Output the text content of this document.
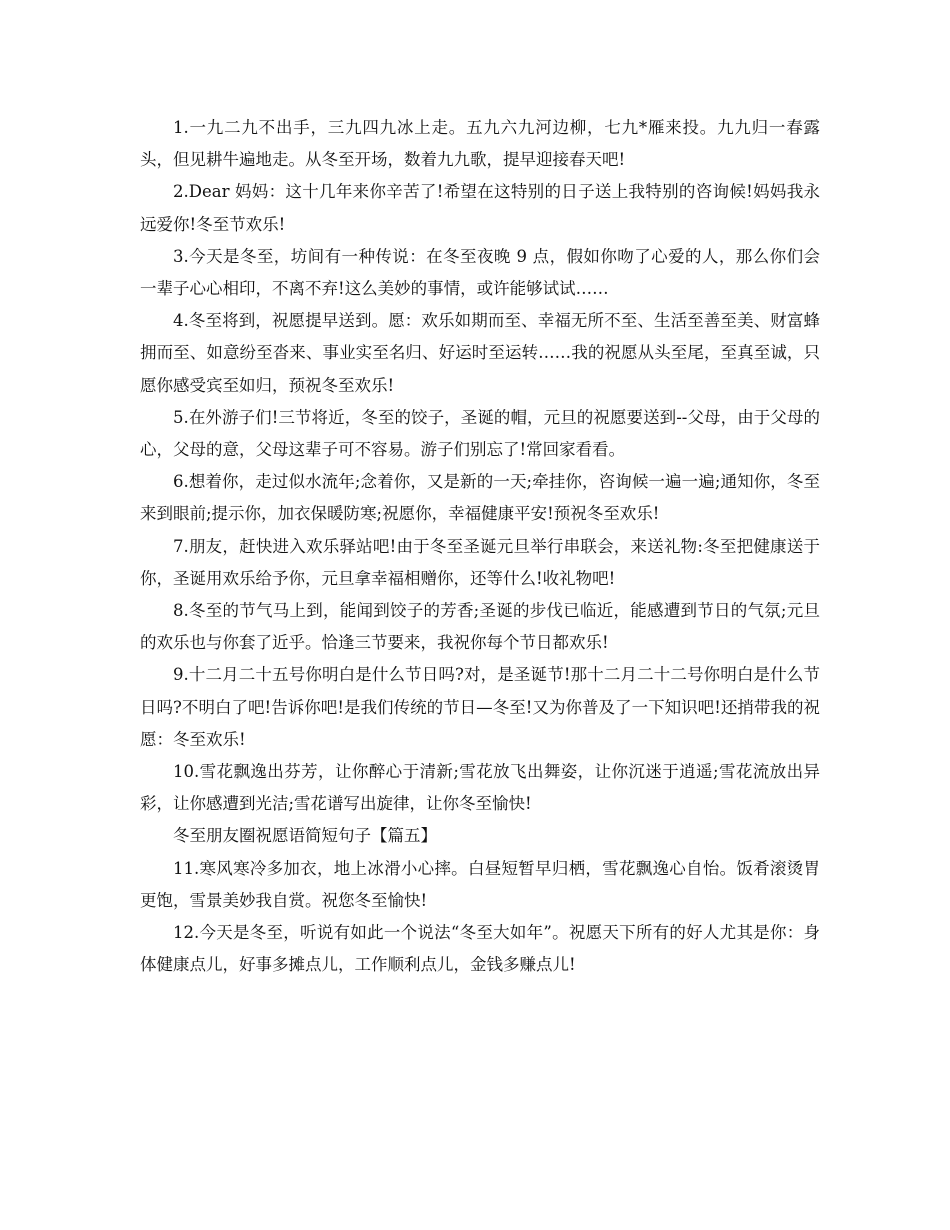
1.一九二九不出手，三九四九冰上走。五九六九河边柳，七九*雁来投。九九归一春露头，但见耕牛遍地走。从冬至开场，数着九九歌，提早迎接春天吧!

2.Dear 妈妈：这十几年来你辛苦了!希望在这特别的日子送上我特别的咨询候!妈妈我永远爱你!冬至节欢乐!

3.今天是冬至，坊间有一种传说：在冬至夜晚 9 点，假如你吻了心爱的人，那么你们会一辈子心心相印，不离不弃!这么美妙的事情，或许能够试试……

4.冬至将到，祝愿提早送到。愿：欢乐如期而至、幸福无所不至、生活至善至美、财富蜂拥而至、如意纷至沓来、事业实至名归、好运时至运转……我的祝愿从头至尾，至真至诚，只愿你感受宾至如归，预祝冬至欢乐!

5.在外游子们!三节将近，冬至的饺子，圣诞的帽，元旦的祝愿要送到--父母，由于父母的心，父母的意，父母这辈子可不容易。游子们别忘了!常回家看看。

6.想着你，走过似水流年;念着你，又是新的一天;牵挂你，咨询候一遍一遍;通知你，冬至来到眼前;提示你，加衣保暖防寒;祝愿你，幸福健康平安!预祝冬至欢乐!

7.朋友，赶快进入欢乐驿站吧!由于冬至圣诞元旦举行串联会，来送礼物:冬至把健康送于你，圣诞用欢乐给予你，元旦拿幸福相赠你，还等什么!收礼物吧!

8.冬至的节气马上到，能闻到饺子的芳香;圣诞的步伐已临近，能感遭到节日的气氛;元旦的欢乐也与你套了近乎。恰逢三节要来，我祝你每个节日都欢乐!

9.十二月二十五号你明白是什么节日吗?对，是圣诞节!那十二月二十二号你明白是什么节日吗?不明白了吧!告诉你吧!是我们传统的节日—冬至!又为你普及了一下知识吧!还捎带我的祝愿：冬至欢乐!

10.雪花飘逸出芬芳，让你醉心于清新;雪花放飞出舞姿，让你沉迷于逍遥;雪花流放出异彩，让你感遭到光洁;雪花谱写出旋律，让你冬至愉快!

冬至朋友圈祝愿语简短句子【篇五】

11.寒风寒冷多加衣，地上冰滑小心摔。白昼短暂早归栖，雪花飘逸心自怡。饭肴滚烫胃更饱，雪景美妙我自赏。祝您冬至愉快!

12.今天是冬至，听说有如此一个说法“冬至大如年”。祝愿天下所有的好人尤其是你：身体健康点儿，好事多摊点儿，工作顺利点儿，金钱多赚点儿!
